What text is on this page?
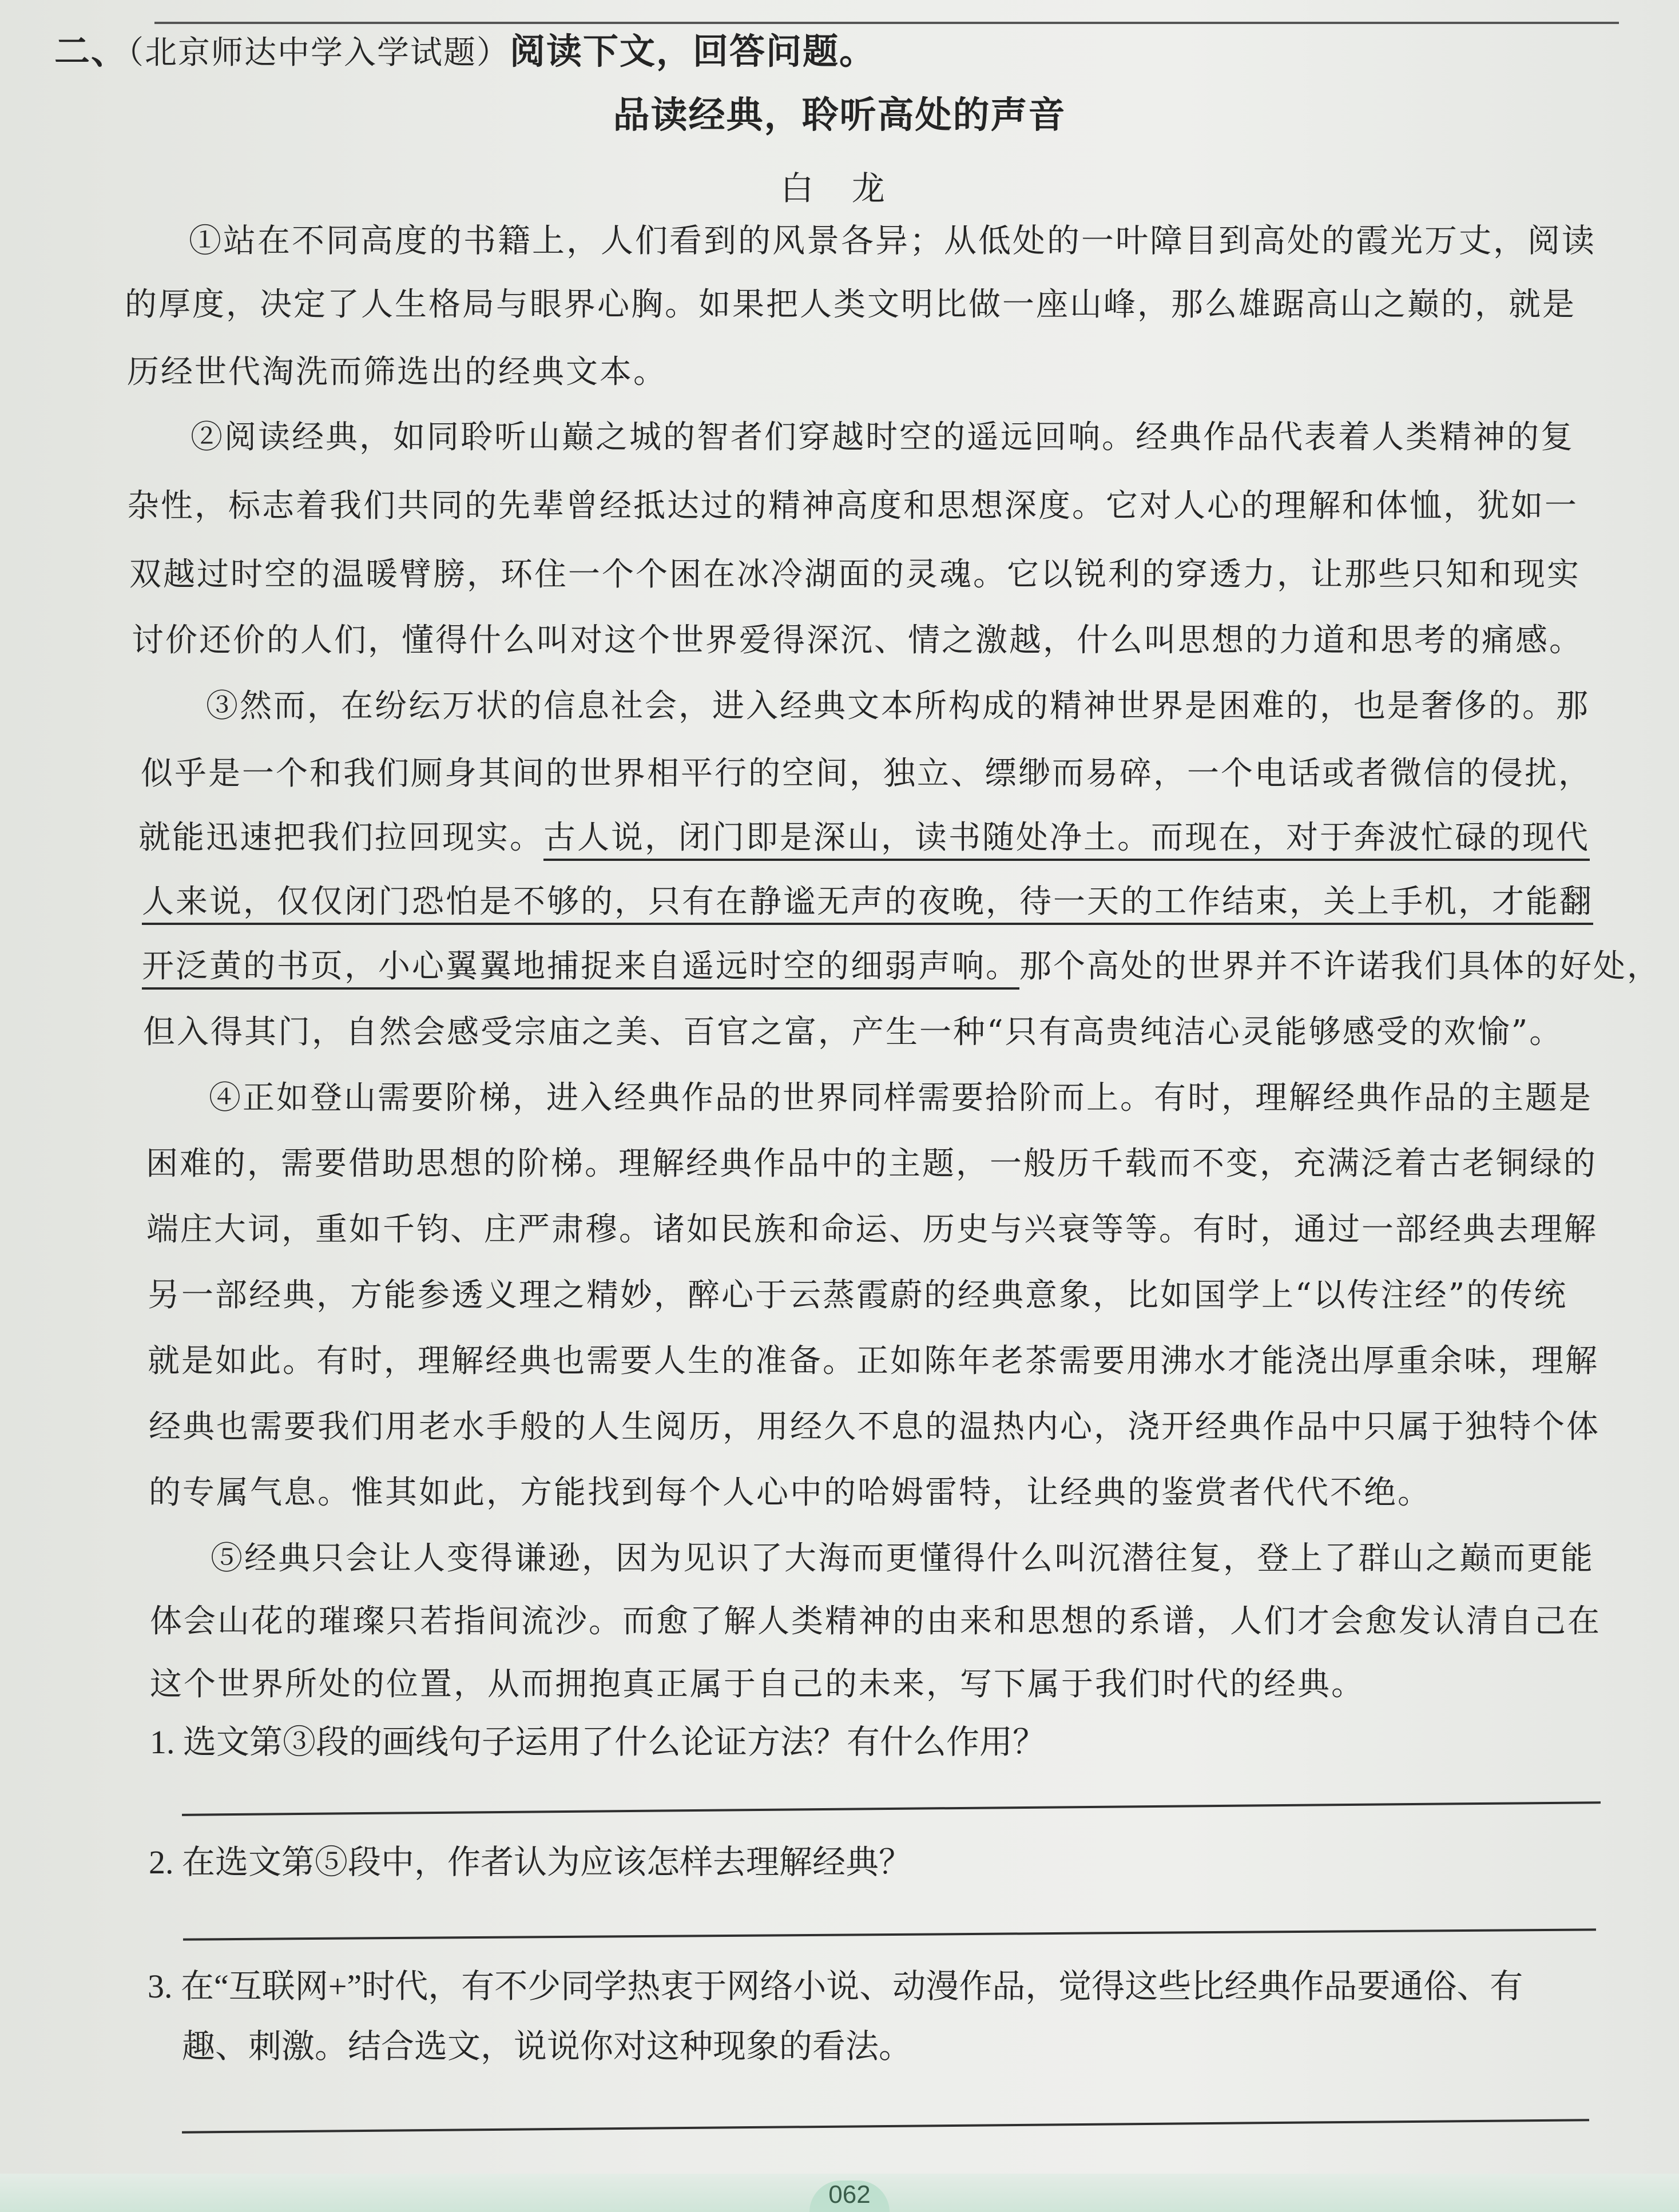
二、（北京师达中学入学试题）阅读下文，回答问题。
品读经典，聆听高处的声音
白 龙
①站在不同高度的书籍上，人们看到的风景各异；从低处的一叶障目到高处的霞光万丈，阅读
的厚度，决定了人生格局与眼界心胸。如果把人类文明比做一座山峰，那么雄踞高山之巅的，就是
历经世代淘洗而筛选出的经典文本。
②阅读经典，如同聆听山巅之城的智者们穿越时空的遥远回响。经典作品代表着人类精神的复
杂性，标志着我们共同的先辈曾经抵达过的精神高度和思想深度。它对人心的理解和体恤，犹如一
双越过时空的温暖臂膀，环住一个个困在冰冷湖面的灵魂。它以锐利的穿透力，让那些只知和现实
讨价还价的人们，懂得什么叫对这个世界爱得深沉、情之激越，什么叫思想的力道和思考的痛感。
③然而，在纷纭万状的信息社会，进入经典文本所构成的精神世界是困难的，也是奢侈的。那
似乎是一个和我们厕身其间的世界相平行的空间，独立、缥缈而易碎，一个电话或者微信的侵扰，
就能迅速把我们拉回现实。古人说，闭门即是深山，读书随处净土。而现在，对于奔波忙碌的现代
人来说，仅仅闭门恐怕是不够的，只有在静谧无声的夜晚，待一天的工作结束，关上手机，才能翻
开泛黄的书页，小心翼翼地捕捉来自遥远时空的细弱声响。那个高处的世界并不许诺我们具体的好处，
但入得其门，自然会感受宗庙之美、百官之富，产生一种“只有高贵纯洁心灵能够感受的欢愉”。
④正如登山需要阶梯，进入经典作品的世界同样需要拾阶而上。有时，理解经典作品的主题是
困难的，需要借助思想的阶梯。理解经典作品中的主题，一般历千载而不变，充满泛着古老铜绿的
端庄大词，重如千钧、庄严肃穆。诸如民族和命运、历史与兴衰等等。有时，通过一部经典去理解
另一部经典，方能参透义理之精妙，醉心于云蒸霞蔚的经典意象，比如国学上“以传注经”的传统
就是如此。有时，理解经典也需要人生的准备。正如陈年老茶需要用沸水才能浇出厚重余味，理解
经典也需要我们用老水手般的人生阅历，用经久不息的温热内心，浇开经典作品中只属于独特个体
的专属气息。惟其如此，方能找到每个人心中的哈姆雷特，让经典的鉴赏者代代不绝。
⑤经典只会让人变得谦逊，因为见识了大海而更懂得什么叫沉潜往复，登上了群山之巅而更能
体会山花的璀璨只若指间流沙。而愈了解人类精神的由来和思想的系谱，人们才会愈发认清自己在
这个世界所处的位置，从而拥抱真正属于自己的未来，写下属于我们时代的经典。
1. 选文第③段的画线句子运用了什么论证方法？有什么作用？
2. 在选文第⑤段中，作者认为应该怎样去理解经典？
3. 在“互联网+”时代，有不少同学热衷于网络小说、动漫作品，觉得这些比经典作品要通俗、有
趣、刺激。结合选文，说说你对这种现象的看法。
062
